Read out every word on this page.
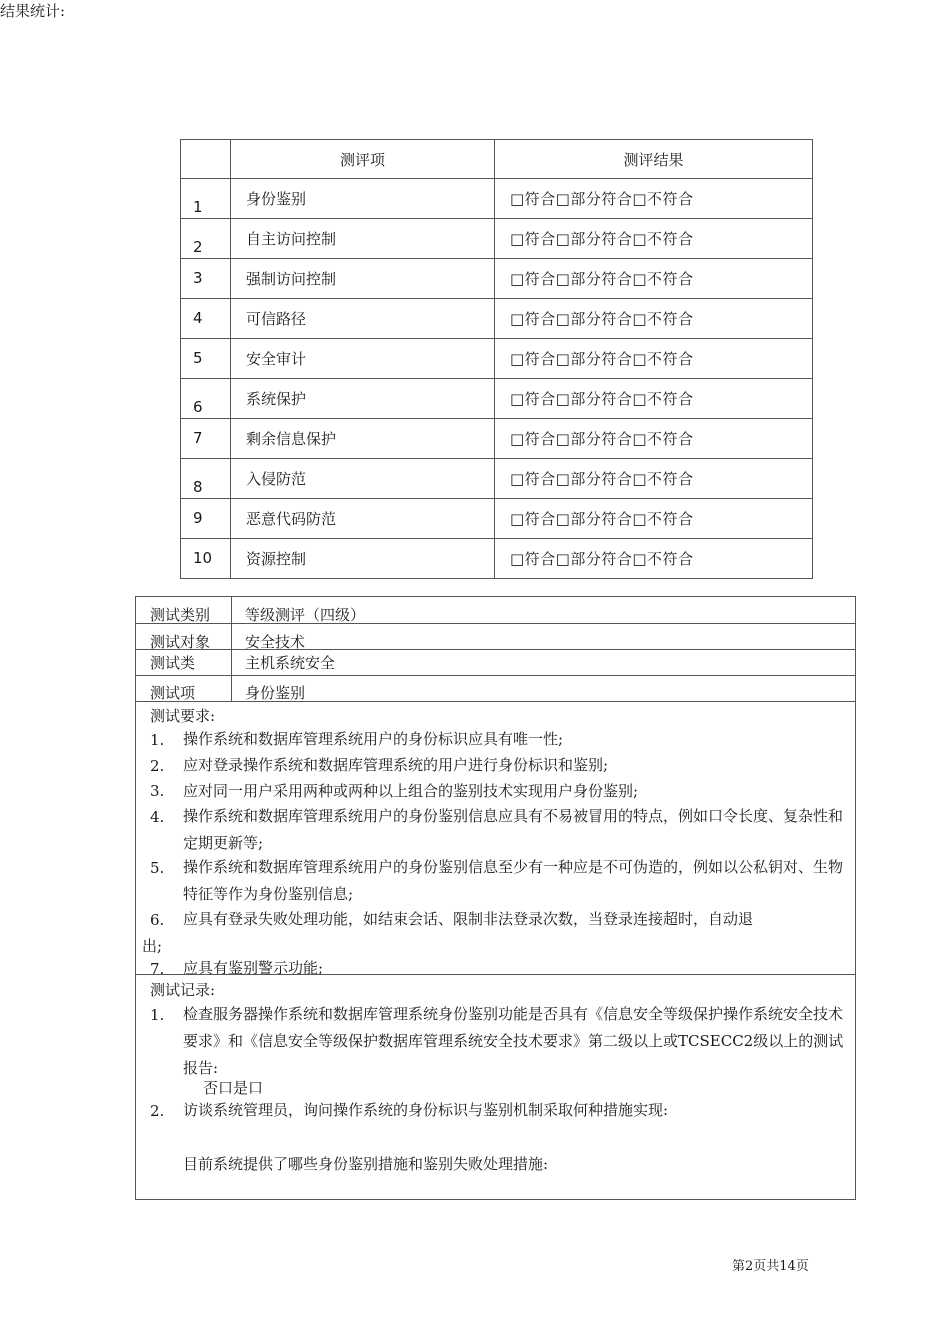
结果统计:
	测评项	测评结果
1	身份鉴别	□符合□部分符合□不符合
2	自主访问控制	□符合□部分符合□不符合
3	强制访问控制	□符合□部分符合□不符合
4	可信路径	□符合□部分符合□不符合
5	安全审计	□符合□部分符合□不符合
6	系统保护	□符合□部分符合□不符合
7	剩余信息保护	□符合□部分符合□不符合
8	入侵防范	□符合□部分符合□不符合
9	恶意代码防范	□符合□部分符合□不符合
10	资源控制	□符合□部分符合□不符合
测试类别 等级测评（四级）
测试对象 安全技术
测试类	主机系统安全
测试项	身份鉴别
测试要求:
1. 操作系统和数据库管理系统用户的身份标识应具有唯一性;
2. 应对登录操作系统和数据库管理系统的用户进行身份标识和鉴别;
3. 应对同一用户采用两种或两种以上组合的鉴别技术实现用户身份鉴别;
4. 操作系统和数据库管理系统用户的身份鉴别信息应具有不易被冒用的特点，例如口令长度、复杂性和定期更新等;
5. 操作系统和数据库管理系统用户的身份鉴别信息至少有一种应是不可伪造的，例如以公私钥对、生物特征等作为身份鉴别信息;
6. 应具有登录失败处理功能，如结束会话、限制非法登录次数，当登录连接超时，自动退
出;
7. 应具有鉴别警示功能;
测试记录:
1. 检查服务器操作系统和数据库管理系统身份鉴别功能是否具有《信息安全等级保护操作系统安全技术要求》和《信息安全等级保护数据库管理系统安全技术要求》第二级以上或TCSECC2级以上的测试报告:
否口是口
2. 访谈系统管理员，询问操作系统的身份标识与鉴别机制采取何种措施实现:
目前系统提供了哪些身份鉴别措施和鉴别失败处理措施:
第2页共14页
